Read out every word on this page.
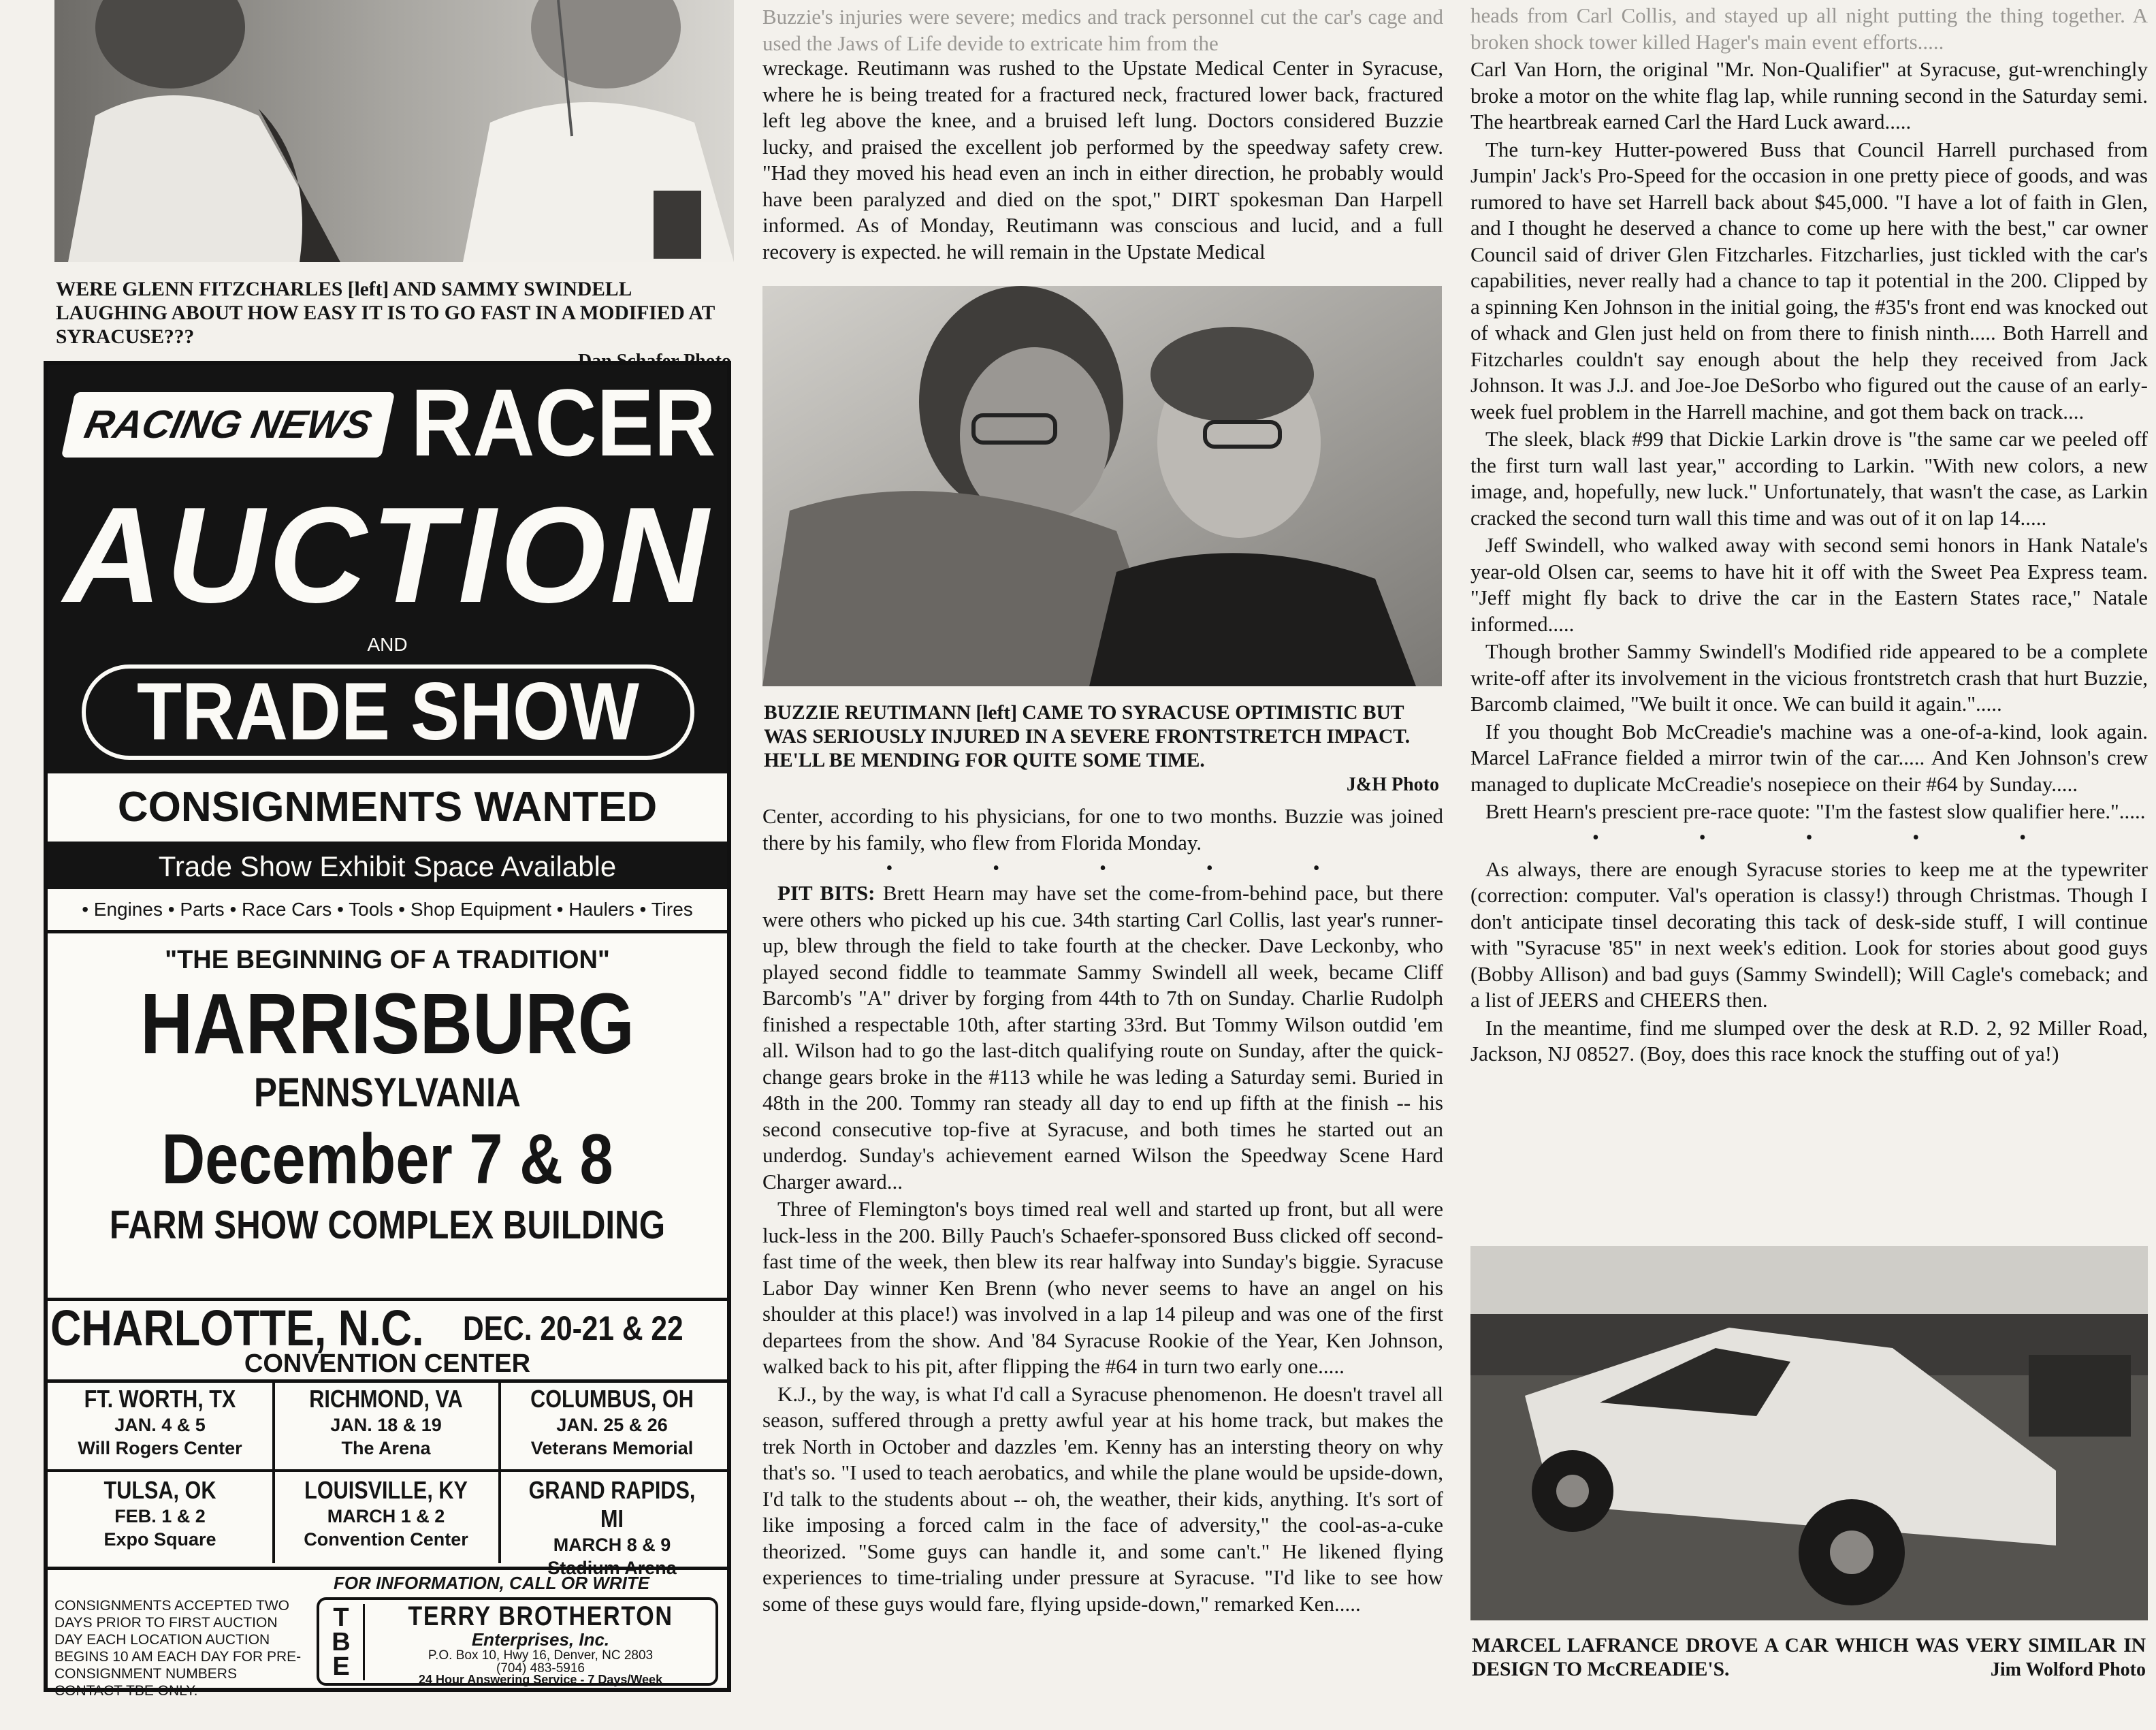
WERE GLENN FITZCHARLES [left] AND SAMMY SWINDELL LAUGHING ABOUT HOW EASY IT IS TO GO FAST IN A MODIFIED AT SYRACUSE???
RACING NEWS RACER
AUCTION
AND
TRADE SHOW
CONSIGNMENTS WANTED
Trade Show Exhibit Space Available
• Engines • Parts • Race Cars • Tools • Shop Equipment • Haulers • Tires
"THE BEGINNING OF A TRADITION"
HARRISBURG
PENNSYLVANIA
December 7 & 8
FARM SHOW COMPLEX BUILDING
CHARLOTTE, N.C. DEC. 20-21 & 22
CONVENTION CENTER
FT. WORTH, TX
JAN. 4 & 5
Will Rogers Center
RICHMOND, VA
JAN. 18 & 19
The Arena
COLUMBUS, OH
JAN. 25 & 26
Veterans Memorial
TULSA, OK
FEB. 1 & 2
Expo Square
LOUISVILLE, KY
MARCH 1 & 2
Convention Center
GRAND RAPIDS, MI
MARCH 8 & 9
Stadium Arena
FOR INFORMATION, CALL OR WRITE
CONSIGNMENTS ACCEPTED TWO DAYS PRIOR TO FIRST AUCTION DAY EACH LOCATION AUCTION BEGINS 10 AM EACH DAY FOR PRE-CONSIGNMENT NUMBERS CONTACT TBE ONLY.
TBE
TERRY BROTHERTON
Enterprises, Inc.
P.O. Box 10, Hwy 16, Denver, NC 2803
(704) 483-5916
24 Hour Answering Service - 7 Days/Week

Buzzie's injuries were severe; medics and track personnel cut the car's cage and used the Jaws of Life devide to extricate him from the

wreckage. Reutimann was rushed to the Upstate Medical Center in Syracuse, where he is being treated for a fractured neck, fractured lower back, fractured left leg above the knee, and a bruised left lung. Doctors considered Buzzie lucky, and praised the excellent job performed by the speedway safety crew. "Had they moved his head even an inch in either direction, he probably would have been paralyzed and died on the spot," DIRT spokesman Dan Harpell informed. As of Monday, Reutimann was conscious and lucid, and a full recovery is expected. he will remain in the Upstate Medical

BUZZIE REUTIMANN [left] CAME TO SYRACUSE OPTIMISTIC BUT WAS SERIOUSLY INJURED IN A SEVERE FRONTSTRETCH IMPACT. HE'LL BE MENDING FOR QUITE SOME TIME.
J&H Photo

Center, according to his physicians, for one to two months. Buzzie was joined there by his family, who flew from Florida Monday.

• • • • •

PIT BITS: Brett Hearn may have set the come-from-behind pace, but there were others who picked up his cue. 34th starting Carl Collis, last year's runner-up, blew through the field to take fourth at the checker. Dave Leckonby, who played second fiddle to teammate Sammy Swindell all week, became Cliff Barcomb's "A" driver by forging from 44th to 7th on Sunday. Charlie Rudolph finished a respectable 10th, after starting 33rd. But Tommy Wilson outdid 'em all. Wilson had to go the last-ditch qualifying route on Sunday, after the quick-change gears broke in the #113 while he was leding a Saturday semi. Buried in 48th in the 200. Tommy ran steady all day to end up fifth at the finish -- his second consecutive top-five at Syracuse, and both times he started out an underdog. Sunday's achievement earned Wilson the Speedway Scene Hard Charger award...

Three of Flemington's boys timed real well and started up front, but all were luck-less in the 200. Billy Pauch's Schaefer-sponsored Buss clicked off second-fast time of the week, then blew its rear halfway into Sunday's biggie. Syracuse Labor Day winner Ken Brenn (who never seems to have an angel on his shoulder at this place!) was involved in a lap 14 pileup and was one of the first departees from the show. And '84 Syracuse Rookie of the Year, Ken Johnson, walked back to his pit, after flipping the #64 in turn two early one.....

K.J., by the way, is what I'd call a Syracuse phenomenon. He doesn't travel all season, suffered through a pretty awful year at his home track, but makes the trek North in October and dazzles 'em. Kenny has an intersting theory on why that's so. "I used to teach aerobatics, and while the plane would be upside-down, I'd talk to the students about -- oh, the weather, their kids, anything. It's sort of like imposing a forced calm in the face of adversity," the cool-as-a-cuke theorized. "Some guys can handle it, and some can't." He likened flying experiences to time-trialing under pressure at Syracuse. "I'd like to see how some of these guys would fare, flying upside-down," remarked Ken.....

heads from Carl Collis, and stayed up all night putting the thing together. A broken shock tower killed Hager's main event efforts.....

Carl Van Horn, the original "Mr. Non-Qualifier" at Syracuse, gut-wrenchingly broke a motor on the white flag lap, while running second in the Saturday semi. The heartbreak earned Carl the Hard Luck award.....

The turn-key Hutter-powered Buss that Council Harrell purchased from Jumpin' Jack's Pro-Speed for the occasion in one pretty piece of goods, and was rumored to have set Harrell back about $45,000. "I have a lot of faith in Glen, and I thought he deserved a chance to come up here with the best," car owner Council said of driver Glen Fitzcharles. Fitzcharlies, just tickled with the car's capabilities, never really had a chance to tap it potential in the 200. Clipped by a spinning Ken Johnson in the initial going, the #35's front end was knocked out of whack and Glen just held on from there to finish ninth..... Both Harrell and Fitzcharles couldn't say enough about the help they received from Jack Johnson. It was J.J. and Joe-Joe DeSorbo who figured out the cause of an early-week fuel problem in the Harrell machine, and got them back on track....

The sleek, black #99 that Dickie Larkin drove is "the same car we peeled off the first turn wall last year," according to Larkin. "With new colors, a new image, and, hopefully, new luck." Unfortunately, that wasn't the case, as Larkin cracked the second turn wall this time and was out of it on lap 14.....

Jeff Swindell, who walked away with second semi honors in Hank Natale's year-old Olsen car, seems to have hit it off with the Sweet Pea Express team. "Jeff might fly back to drive the car in the Eastern States race," Natale informed.....

Though brother Sammy Swindell's Modified ride appeared to be a complete write-off after its involvement in the vicious frontstretch crash that hurt Buzzie, Barcomb claimed, "We built it once. We can build it again.".....

If you thought Bob McCreadie's machine was a one-of-a-kind, look again. Marcel LaFrance fielded a mirror twin of the car..... And Ken Johnson's crew managed to duplicate McCreadie's nosepiece on their #64 by Sunday.....

Brett Hearn's prescient pre-race quote: "I'm the fastest slow qualifier here.".....

• • • • •

As always, there are enough Syracuse stories to keep me at the typewriter (correction: computer. Val's operation is classy!) through Christmas. Though I don't anticipate tinsel decorating this tack of desk-side stuff, I will continue with "Syracuse '85" in next week's edition. Look for stories about good guys (Bobby Allison) and bad guys (Sammy Swindell); Will Cagle's comeback; and a list of JEERS and CHEERS then.

In the meantime, find me slumped over the desk at R.D. 2, 92 Miller Road, Jackson, NJ 08527. (Boy, does this race knock the stuffing out of ya!)

MARCEL LAFRANCE DROVE A CAR WHICH WAS VERY SIMILAR IN DESIGN TO McCREADIE'S.	Jim Wolford Photo
